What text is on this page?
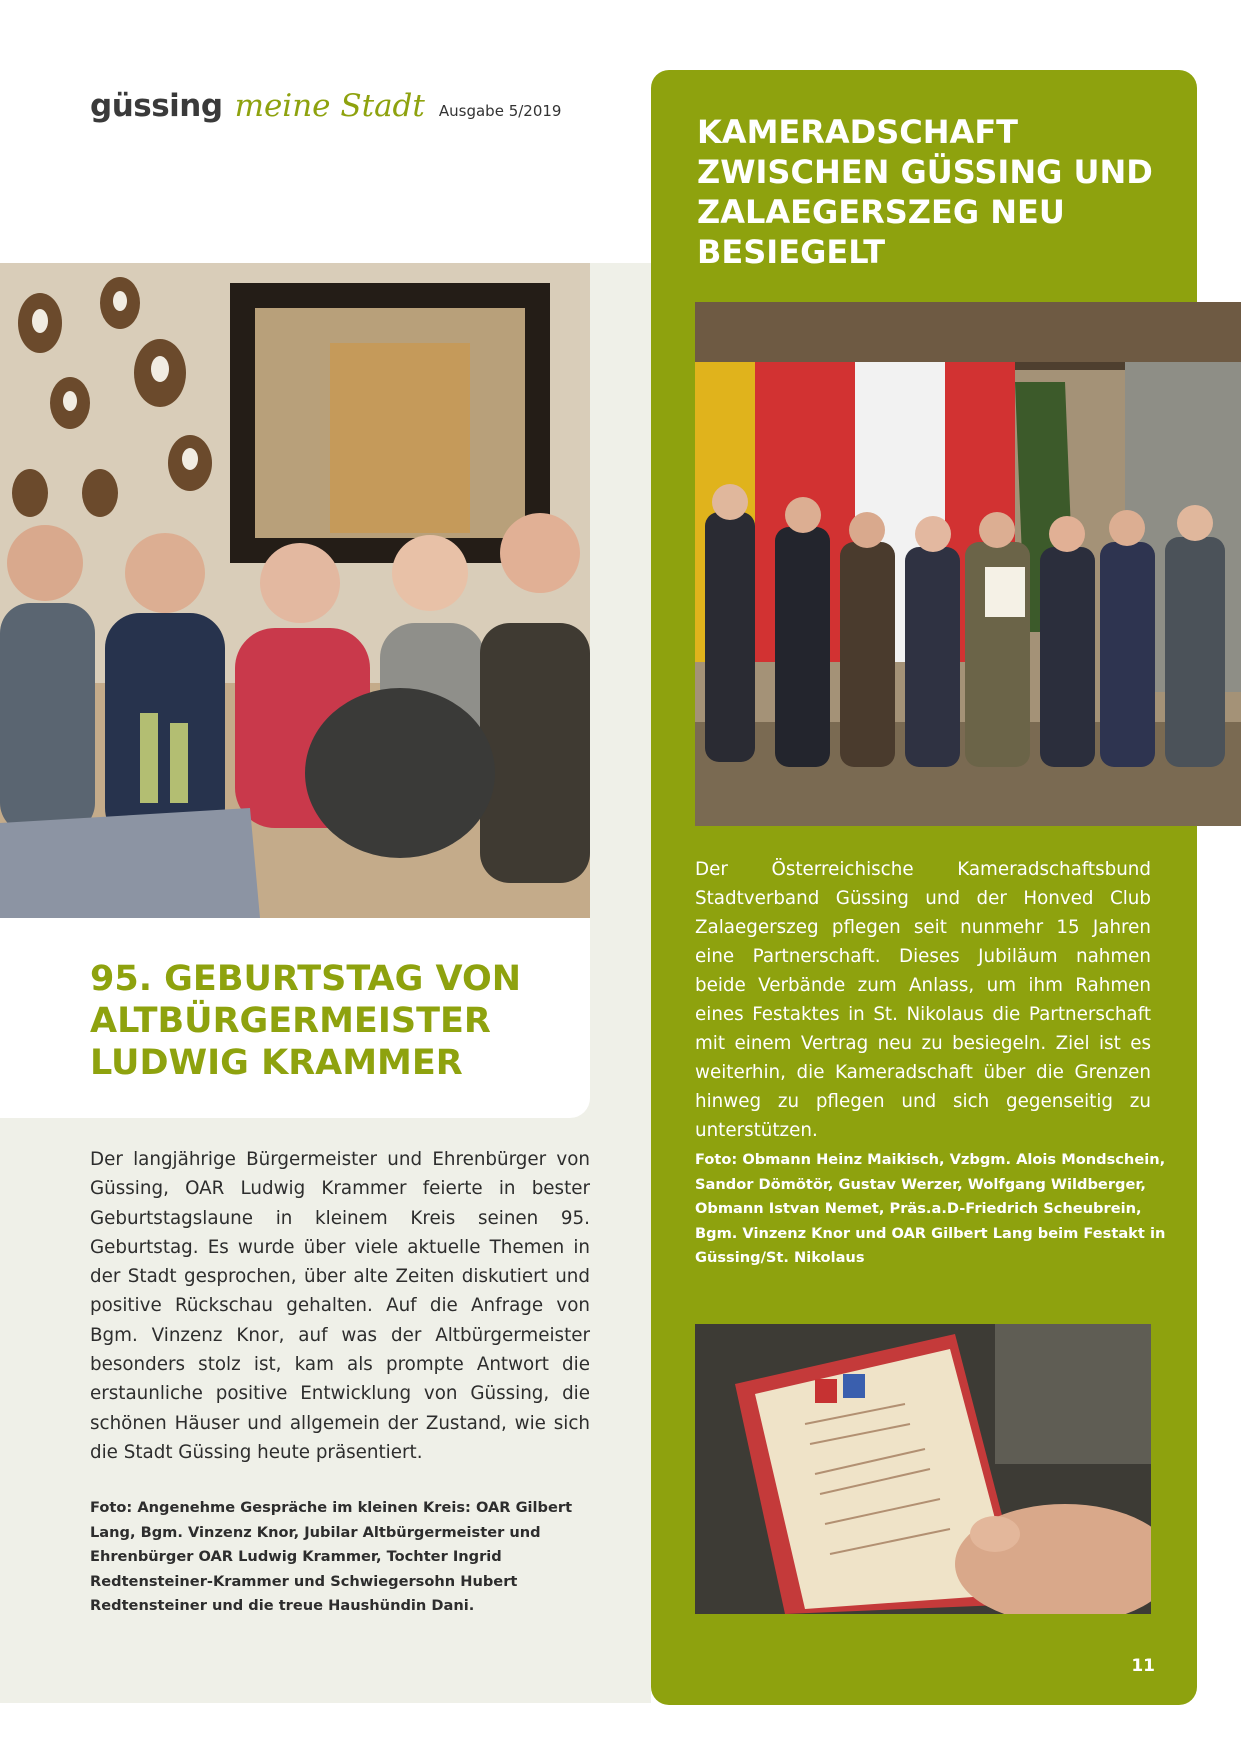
güssing meine Stadt Ausgabe 5/2019
95. GEBURTSTAG VON ALTBÜRGERMEISTER LUDWIG KRAMMER
Der langjährige Bürgermeister und Ehrenbürger von Güssing, OAR Ludwig Krammer feierte in bester Geburtstagslaune in kleinem Kreis seinen 95. Geburtstag. Es wurde über viele aktuelle Themen in der Stadt gesprochen, über alte Zeiten diskutiert und positive Rückschau gehalten. Auf die Anfrage von Bgm. Vinzenz Knor, auf was der Altbürgermeister besonders stolz ist, kam als prompte Antwort die erstaunliche positive Entwicklung von Güssing, die schönen Häuser und allgemein der Zustand, wie sich die Stadt Güssing heute präsentiert.
Foto: Angenehme Gespräche im kleinen Kreis: OAR Gilbert Lang, Bgm. Vinzenz Knor, Jubilar Altbürgermeister und Ehrenbürger OAR Ludwig Krammer, Tochter Ingrid Redtensteiner-Krammer und Schwiegersohn Hubert Redtensteiner und die treue Haushündin Dani.
KAMERADSCHAFT ZWISCHEN GÜSSING UND ZALAEGERSZEG NEU BESIEGELT
Der Österreichische Kameradschaftsbund Stadtverband Güssing und der Honved Club Zalaegerszeg pflegen seit nunmehr 15 Jahren eine Partnerschaft. Dieses Jubiläum nahmen beide Verbände zum Anlass, um ihm Rahmen eines Festaktes in St. Nikolaus die Partnerschaft mit einem Vertrag neu zu besiegeln. Ziel ist es weiterhin, die Kameradschaft über die Grenzen hinweg zu pflegen und sich gegenseitig zu unterstützen.
Foto: Obmann Heinz Maikisch, Vzbgm. Alois Mondschein, Sandor Dömötör, Gustav Werzer, Wolfgang Wildberger, Obmann Istvan Nemet, Präs.a.D-Friedrich Scheubrein, Bgm. Vinzenz Knor und OAR Gilbert Lang beim Festakt in Güssing/St. Nikolaus
11
